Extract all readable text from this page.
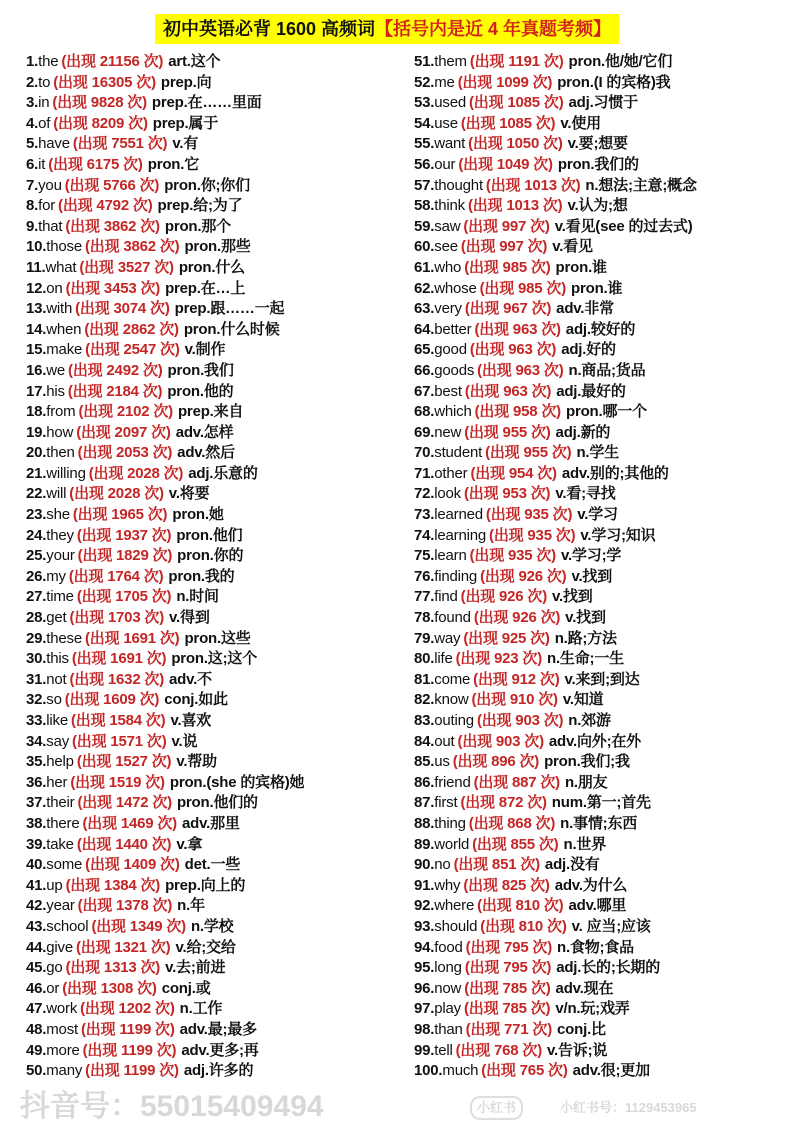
初中英语必背 1600 高频词【括号内是近 4 年真题考频】
1.the (出现 21156 次) art.这个
2.to (出现 16305 次) prep.向
3.in (出现 9828 次) prep.在……里面
4.of (出现 8209 次) prep.属于
5.have (出现 7551 次) v.有
6.it (出现 6175 次) pron.它
7.you (出现 5766 次) pron.你;你们
8.for (出现 4792 次) prep.给;为了
9.that (出现 3862 次) pron.那个
10.those (出现 3862 次) pron.那些
11.what (出现 3527 次) pron.什么
12.on (出现 3453 次) prep.在…上
13.with (出现 3074 次) prep.跟……一起
14.when (出现 2862 次) pron.什么时候
15.make (出现 2547 次) v.制作
16.we (出现 2492 次) pron.我们
17.his (出现 2184 次) pron.他的
18.from (出现 2102 次) prep.来自
19.how (出现 2097 次) adv.怎样
20.then (出现 2053 次) adv.然后
21.willing (出现 2028 次) adj.乐意的
22.will (出现 2028 次) v.将要
23.she (出现 1965 次) pron.她
24.they (出现 1937 次) pron.他们
25.your (出现 1829 次) pron.你的
26.my (出现 1764 次) pron.我的
27.time (出现 1705 次) n.时间
28.get (出现 1703 次) v.得到
29.these (出现 1691 次) pron.这些
30.this (出现 1691 次) pron.这;这个
31.not (出现 1632 次) adv.不
32.so (出现 1609 次) conj.如此
33.like (出现 1584 次) v.喜欢
34.say (出现 1571 次) v.说
35.help (出现 1527 次) v.帮助
36.her (出现 1519 次) pron.(she 的宾格)她
37.their (出现 1472 次) pron.他们的
38.there (出现 1469 次) adv.那里
39.take (出现 1440 次) v.拿
40.some (出现 1409 次) det.一些
41.up (出现 1384 次) prep.向上的
42.year (出现 1378 次) n.年
43.school (出现 1349 次) n.学校
44.give (出现 1321 次) v.给;交给
45.go (出现 1313 次) v.去;前进
46.or (出现 1308 次) conj.或
47.work (出现 1202 次) n.工作
48.most (出现 1199 次) adv.最;最多
49.more (出现 1199 次) adv.更多;再
50.many (出现 1199 次) adj.许多的
51.them (出现 1191 次) pron.他/她/它们
52.me (出现 1099 次) pron.(I 的宾格)我
53.used (出现 1085 次) adj.习惯于
54.use (出现 1085 次) v.使用
55.want (出现 1050 次) v.要;想要
56.our (出现 1049 次) pron.我们的
57.thought (出现 1013 次) n.想法;主意;概念
58.think (出现 1013 次) v.认为;想
59.saw (出现 997 次) v.看见(see 的过去式)
60.see (出现 997 次) v.看见
61.who (出现 985 次) pron.谁
62.whose (出现 985 次) pron.谁
63.very (出现 967 次) adv.非常
64.better (出现 963 次) adj.较好的
65.good (出现 963 次) adj.好的
66.goods (出现 963 次) n.商品;货品
67.best (出现 963 次) adj.最好的
68.which (出现 958 次) pron.哪一个
69.new (出现 955 次) adj.新的
70.student (出现 955 次) n.学生
71.other (出现 954 次) adv.别的;其他的
72.look (出现 953 次) v.看;寻找
73.learned (出现 935 次) v.学习
74.learning (出现 935 次) v.学习;知识
75.learn (出现 935 次) v.学习;学
76.finding (出现 926 次) v.找到
77.find (出现 926 次) v.找到
78.found (出现 926 次) v.找到
79.way (出现 925 次) n.路;方法
80.life (出现 923 次) n.生命;一生
81.come (出现 912 次) v.来到;到达
82.know (出现 910 次) v.知道
83.outing (出现 903 次) n.郊游
84.out (出现 903 次) adv.向外;在外
85.us (出现 896 次) pron.我们;我
86.friend (出现 887 次) n.朋友
87.first (出现 872 次) num.第一;首先
88.thing (出现 868 次) n.事情;东西
89.world (出现 855 次) n.世界
90.no (出现 851 次) adj.没有
91.why (出现 825 次) adv.为什么
92.where (出现 810 次) adv.哪里
93.should (出现 810 次) v. 应当;应该
94.food (出现 795 次) n.食物;食品
95.long (出现 795 次) adj.长的;长期的
96.now (出现 785 次) adv.现在
97.play (出现 785 次) v/n.玩;戏弄
98.than (出现 771 次) conj.比
99.tell (出现 768 次) v.告诉;说
100.much (出现 765 次) adv.很;更加
抖音号：55015409494	小红书	小红书号：1129453965
